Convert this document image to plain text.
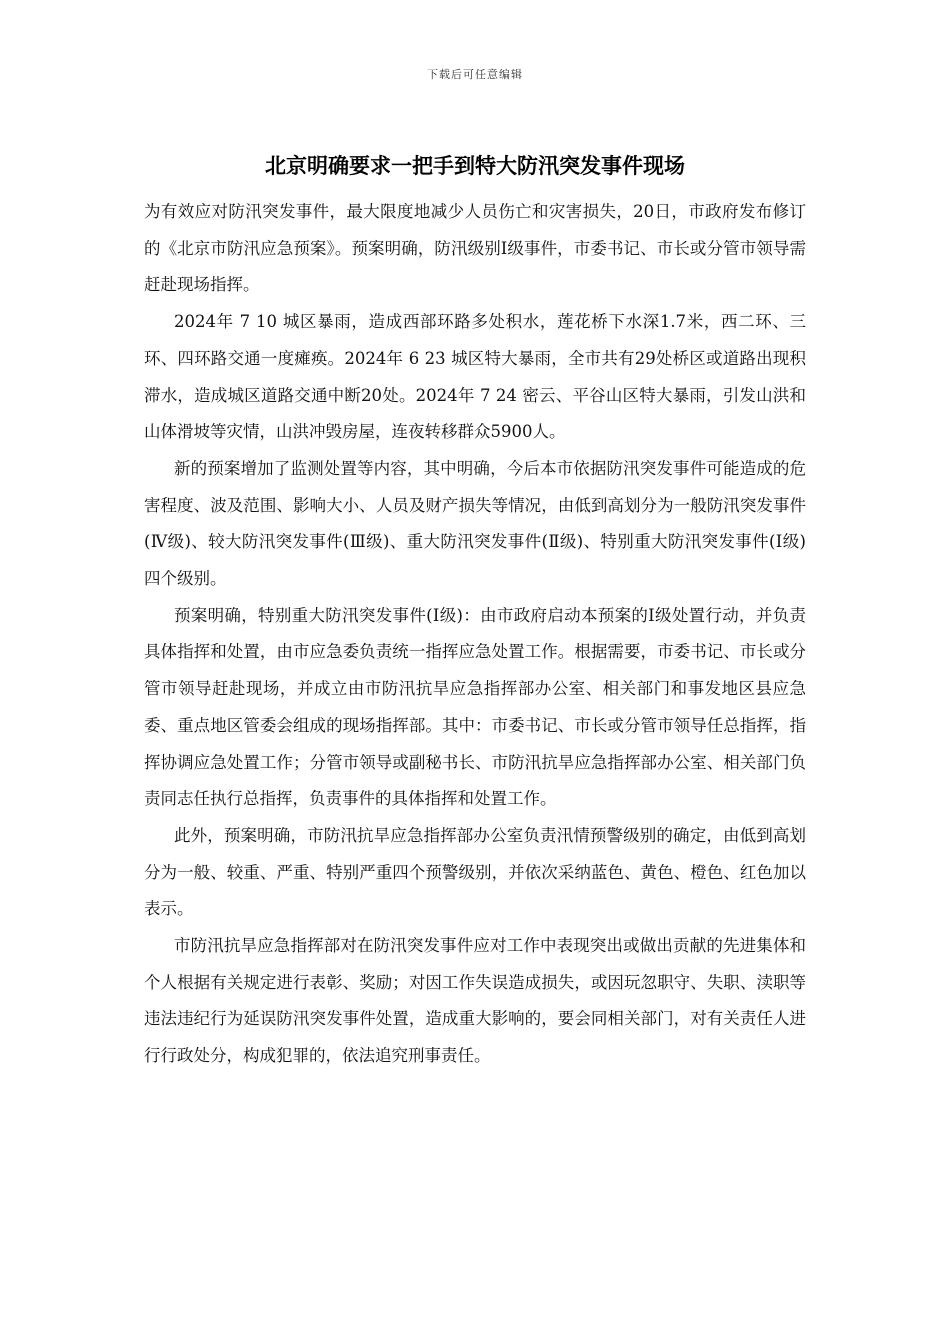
下载后可任意编辑
北京明确要求一把手到特大防汛突发事件现场

为有效应对防汛突发事件，最大限度地减少人员伤亡和灾害损失，20日，市政府发布修订的《北京市防汛应急预案》。预案明确，防汛级别Ⅰ级事件，市委书记、市长或分管市领导需赶赴现场指挥。

2024年 7 10 城区暴雨，造成西部环路多处积水，莲花桥下水深1.7米，西二环、三环、四环路交通一度瘫痪。2024年 6 23 城区特大暴雨，全市共有29处桥区或道路出现积滞水，造成城区道路交通中断20处。2024年 7 24 密云、平谷山区特大暴雨，引发山洪和山体滑坡等灾情，山洪冲毁房屋，连夜转移群众5900人。

新的预案增加了监测处置等内容，其中明确，今后本市依据防汛突发事件可能造成的危害程度、波及范围、影响大小、人员及财产损失等情况，由低到高划分为一般防汛突发事件(Ⅳ级)、较大防汛突发事件(Ⅲ级)、重大防汛突发事件(Ⅱ级)、特别重大防汛突发事件(Ⅰ级)四个级别。

预案明确，特别重大防汛突发事件(Ⅰ级)：由市政府启动本预案的Ⅰ级处置行动，并负责具体指挥和处置，由市应急委负责统一指挥应急处置工作。根据需要，市委书记、市长或分管市领导赶赴现场，并成立由市防汛抗旱应急指挥部办公室、相关部门和事发地区县应急委、重点地区管委会组成的现场指挥部。其中：市委书记、市长或分管市领导任总指挥，指挥协调应急处置工作；分管市领导或副秘书长、市防汛抗旱应急指挥部办公室、相关部门负责同志任执行总指挥，负责事件的具体指挥和处置工作。

此外，预案明确，市防汛抗旱应急指挥部办公室负责汛情预警级别的确定，由低到高划分为一般、较重、严重、特别严重四个预警级别，并依次采纳蓝色、黄色、橙色、红色加以表示。

市防汛抗旱应急指挥部对在防汛突发事件应对工作中表现突出或做出贡献的先进集体和个人根据有关规定进行表彰、奖励；对因工作失误造成损失，或因玩忽职守、失职、渎职等违法违纪行为延误防汛突发事件处置，造成重大影响的，要会同相关部门，对有关责任人进行行政处分，构成犯罪的，依法追究刑事责任。
